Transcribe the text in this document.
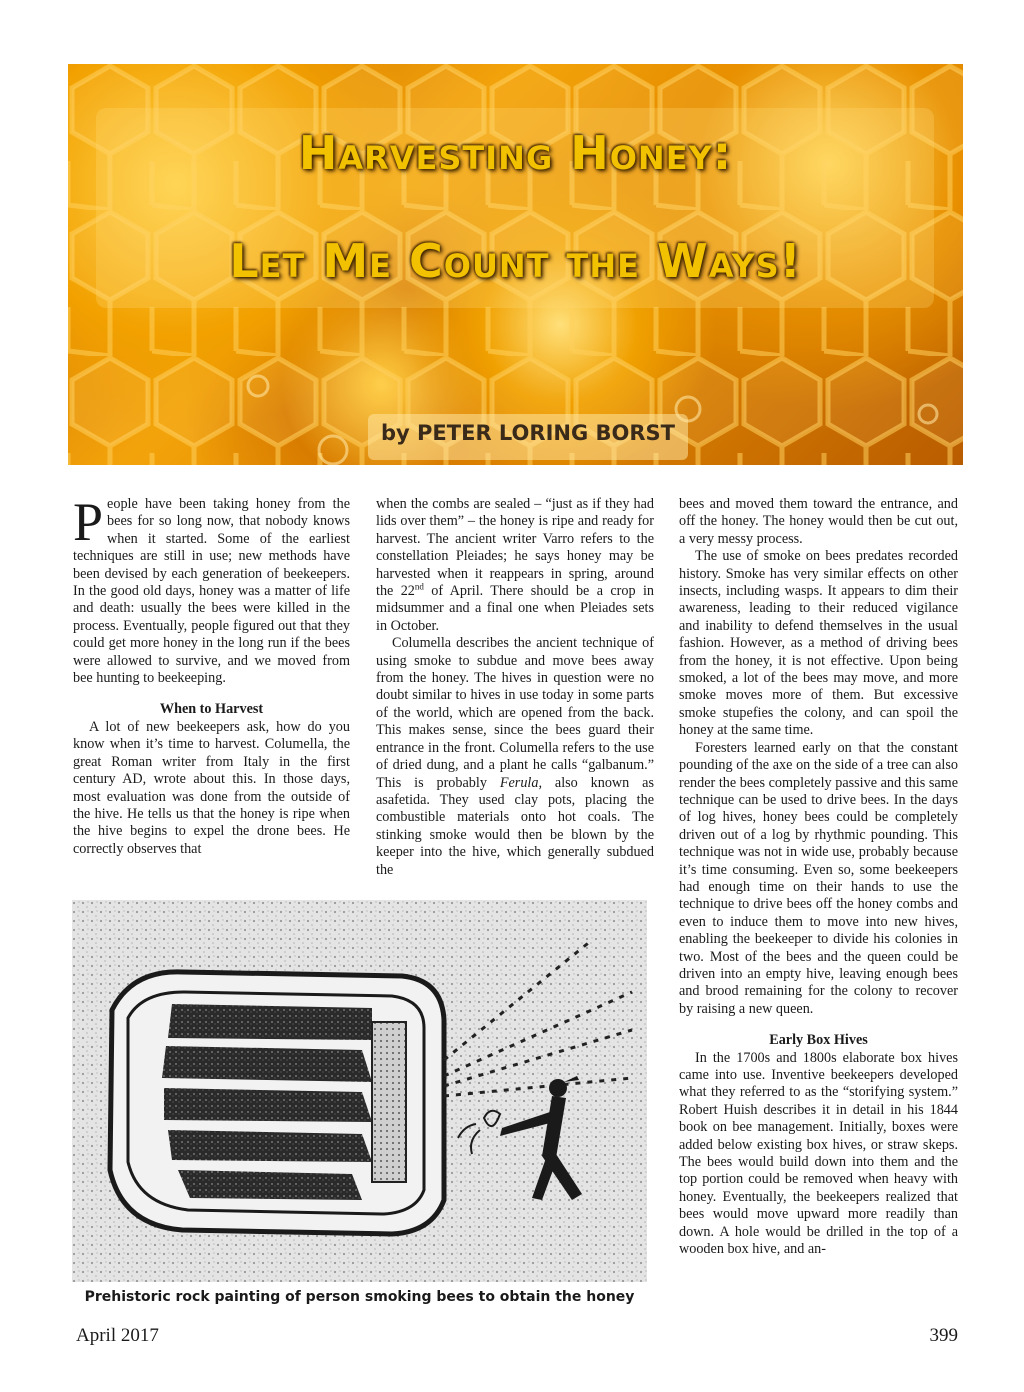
Harvesting Honey:
Let Me Count the Ways!
by PETER LORING BORST

People have been taking honey from the bees for so long now, that nobody knows when it started. Some of the earliest techniques are still in use; new methods have been devised by each generation of beekeepers. In the good old days, honey was a matter of life and death: usually the bees were killed in the process. Eventually, people figured out that they could get more honey in the long run if the bees were allowed to survive, and we moved from bee hunting to beekeeping.

When to Harvest

A lot of new beekeepers ask, how do you know when it’s time to harvest. Columella, the great Roman writer from Italy in the first century AD, wrote about this. In those days, most evaluation was done from the outside of the hive. He tells us that the honey is ripe when the hive begins to expel the drone bees. He correctly observes that

when the combs are sealed – “just as if they had lids over them” – the honey is ripe and ready for harvest. The ancient writer Varro refers to the constellation Pleiades; he says honey may be harvested when it reappears in spring, around the 22nd of April. There should be a crop in midsummer and a final one when Pleiades sets in October.

Columella describes the ancient technique of using smoke to subdue and move bees away from the honey. The hives in question were no doubt similar to hives in use today in some parts of the world, which are opened from the back. This makes sense, since the bees guard their entrance in the front. Columella refers to the use of dried dung, and a plant he calls “galbanum.” This is probably Ferula, also known as asafetida. They used clay pots, placing the combustible materials onto hot coals. The stinking smoke would then be blown by the keeper into the hive, which generally subdued the

bees and moved them toward the entrance, and off the honey. The honey would then be cut out, a very messy process.

The use of smoke on bees predates recorded history. Smoke has very similar effects on other insects, including wasps. It appears to dim their awareness, leading to their reduced vigilance and inability to defend themselves in the usual fashion. However, as a method of driving bees from the honey, it is not effective. Upon being smoked, a lot of the bees may move, and more smoke moves more of them. But excessive smoke stupefies the colony, and can spoil the honey at the same time.

Foresters learned early on that the constant pounding of the axe on the side of a tree can also render the bees completely passive and this same technique can be used to drive bees. In the days of log hives, honey bees could be completely driven out of a log by rhythmic pounding. This technique was not in wide use, probably because it’s time consuming. Even so, some beekeepers had enough time on their hands to use the technique to drive bees off the honey combs and even to induce them to move into new hives, enabling the beekeeper to divide his colonies in two. Most of the bees and the queen could be driven into an empty hive, leaving enough bees and brood remaining for the colony to recover by raising a new queen.

Early Box Hives

In the 1700s and 1800s elaborate box hives came into use. Inventive beekeepers developed what they referred to as the “storifying system.” Robert Huish describes it in detail in his 1844 book on bee management. Initially, boxes were added below existing box hives, or straw skeps. The bees would build down into them and the top portion could be removed when heavy with honey. Eventually, the beekeepers realized that bees would move upward more readily than down. A hole would be drilled in the top of a wooden box hive, and an-

Prehistoric rock painting of person smoking bees to obtain the honey
April 2017	399
